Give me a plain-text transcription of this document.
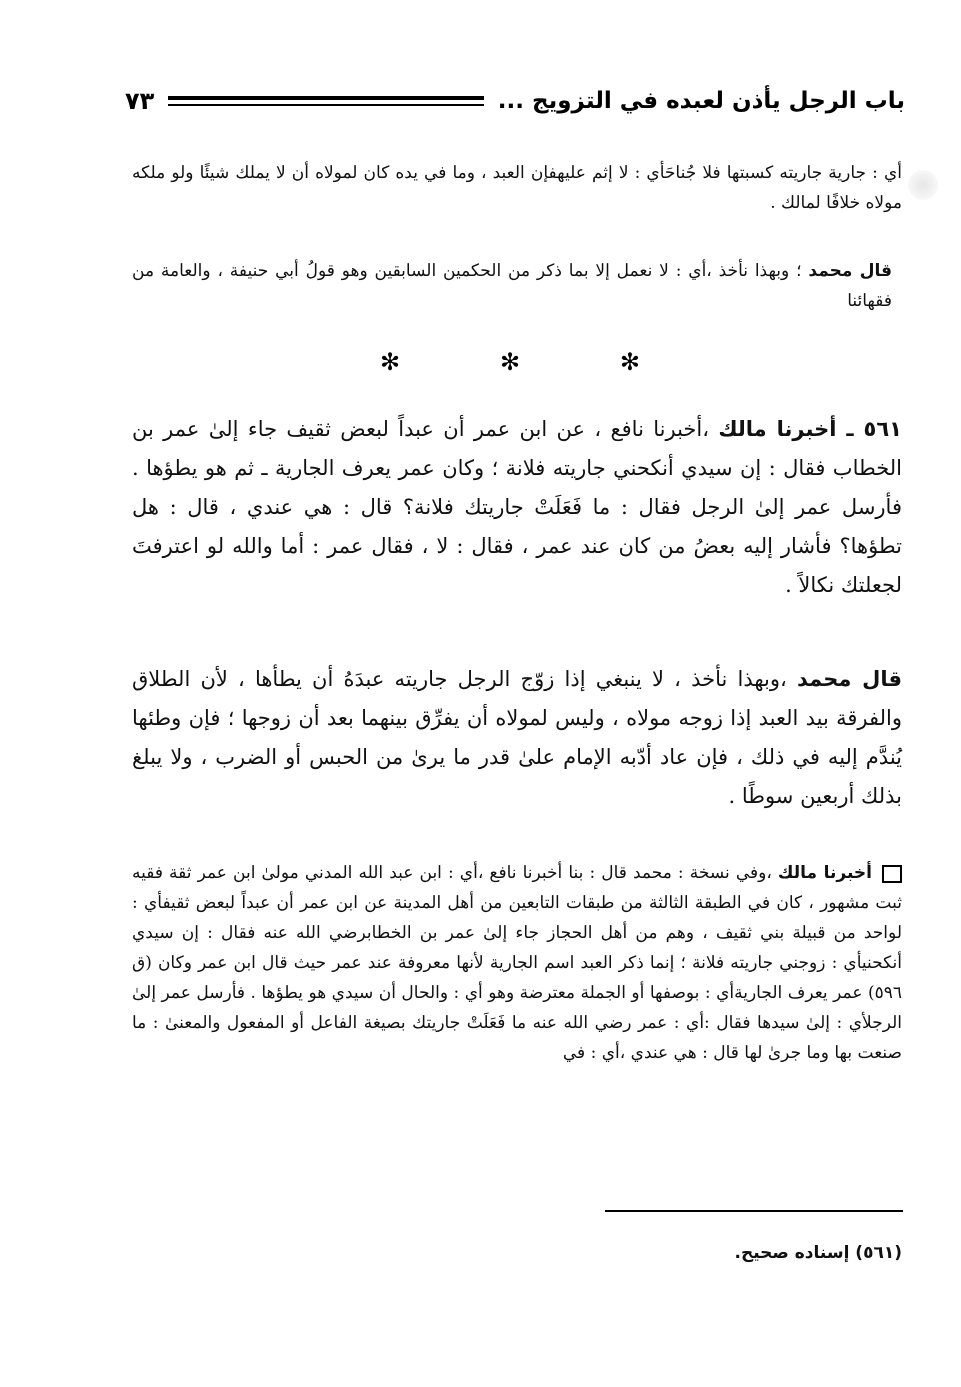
باب الرجل يأذن لعبده في التزويج ...
٧٣

أي : جارية جاريته كسبتها فلا جُناحَأي : لا إثم عليهفإن العبد ، وما في يده كان لمولاه أن لا يملك شيئًا ولو ملكه مولاه خلافًا لمالك .

قال محمد ؛ وبهذا نأخذ ،أي : لا نعمل إلا بما ذكر من الحكمين السابقين وهو قولُ أبي حنيفة ، والعامة من فقهائنا

✻	✻	✻

٥٦١ ـ أخبرنا مالك ،أخبرنا نافع ، عن ابن عمر أن عبداً لبعض ثقيف جاء إلىٰ عمر بن الخطاب فقال : إن سيدي أنكحني جاريته فلانة ؛ وكان عمر يعرف الجارية ـ ثم هو يطؤها . فأرسل عمر إلىٰ الرجل فقال : ما فَعَلَتْ جاريتك فلانة؟ قال : هي عندي ، قال : هل تطؤها؟ فأشار إليه بعضُ من كان عند عمر ، فقال : لا ، فقال عمر : أما والله لو اعترفتَ لجعلتك نكالاً .

قال محمد ،وبهذا نأخذ ، لا ينبغي إذا زوّج الرجل جاريته عبدَهُ أن يطأها ، لأن الطلاق والفرقة بيد العبد إذا زوجه مولاه ، وليس لمولاه أن يفرِّق بينهما بعد أن زوجها ؛ فإن وطئها يُندَّم إليه في ذلك ، فإن عاد أدّبه الإمام علىٰ قدر ما يرىٰ من الحبس أو الضرب ، ولا يبلغ بذلك أربعين سوطًا .

أخبرنا مالك ،وفي نسخة : محمد قال : بنا أخبرنا نافع ،أي : ابن عبد الله المدني مولىٰ ابن عمر ثقة فقيه ثبت مشهور ، كان في الطبقة الثالثة من طبقات التابعين من أهل المدينة عن ابن عمر أن عبداً لبعض ثقيفأي : لواحد من قبيلة بني ثقيف ، وهم من أهل الحجاز جاء إلىٰ عمر بن الخطابرضي الله عنه فقال : إن سيدي أنكحنيأي : زوجني جاريته فلانة ؛ إنما ذكر العبد اسم الجارية لأنها معروفة عند عمر حيث قال ابن عمر وكان (ق ٥٩٦) عمر يعرف الجاريةأي : بوصفها أو الجملة معترضة وهو أي : والحال أن سيدي هو يطؤها . فأرسل عمر إلىٰ الرجلأي : إلىٰ سيدها فقال :أي : عمر رضي الله عنه ما فَعَلَتْ جاريتك بصيغة الفاعل أو المفعول والمعنىٰ : ما صنعت بها وما جرىٰ لها قال : هي عندي ،أي : في

(٥٦١) إسناده صحيح.
